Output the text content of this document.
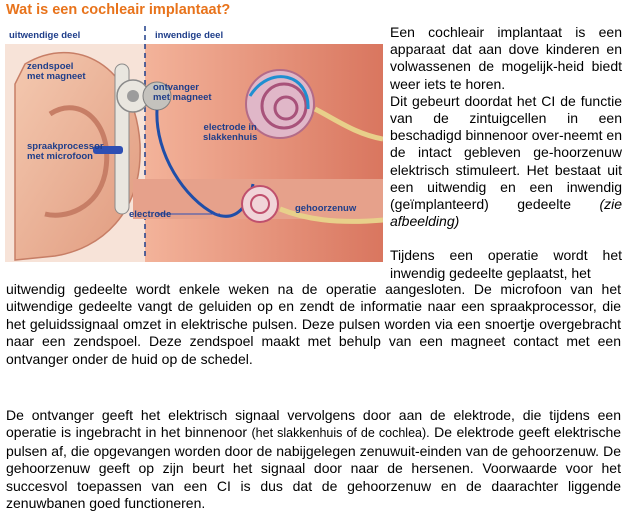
Wat is een cochleair implantaat?
uitwendige deel	inwendige deel
zendspoel
met magneet
ontvanger
met magneet
spraakprocessor
met microfoon
electrode in
slakkenhuis
electrode
gehoorzenuw

Een cochleair implantaat is een apparaat dat aan dove kinderen en volwassenen de mogelijk-heid biedt weer iets te horen.

Dit gebeurt doordat het CI de functie van de zintuigcellen in een beschadigd binnenoor over-neemt en de intact gebleven ge-hoorzenuw elektrisch stimuleert. Het bestaat uit een uitwendig en een inwendig (geïmplanteerd) gedeelte (zie afbeelding)

Tijdens een operatie wordt het inwendig gedeelte geplaatst, het

uitwendig gedeelte wordt enkele weken na de operatie aangesloten. De microfoon van het uitwendige gedeelte vangt de geluiden op en zendt de informatie naar een spraakprocessor, die het geluidssignaal omzet in elektrische pulsen. Deze pulsen worden via een snoertje overgebracht naar een zendspoel. Deze zendspoel maakt met behulp van een magneet contact met een ontvanger onder de huid op de schedel.

De ontvanger geeft het elektrisch signaal vervolgens door aan de elektrode, die tijdens een operatie is ingebracht in het binnenoor (het slakkenhuis of de cochlea). De elektrode geeft elektrische pulsen af, die opgevangen worden door de nabijgelegen zenuwuit-einden van de gehoorzenuw. De gehoorzenuw geeft op zijn beurt het signaal door naar de hersenen. Voorwaarde voor het succesvol toepassen van een CI is dus dat de gehoorzenuw en de daarachter liggende zenuwbanen goed functioneren.
